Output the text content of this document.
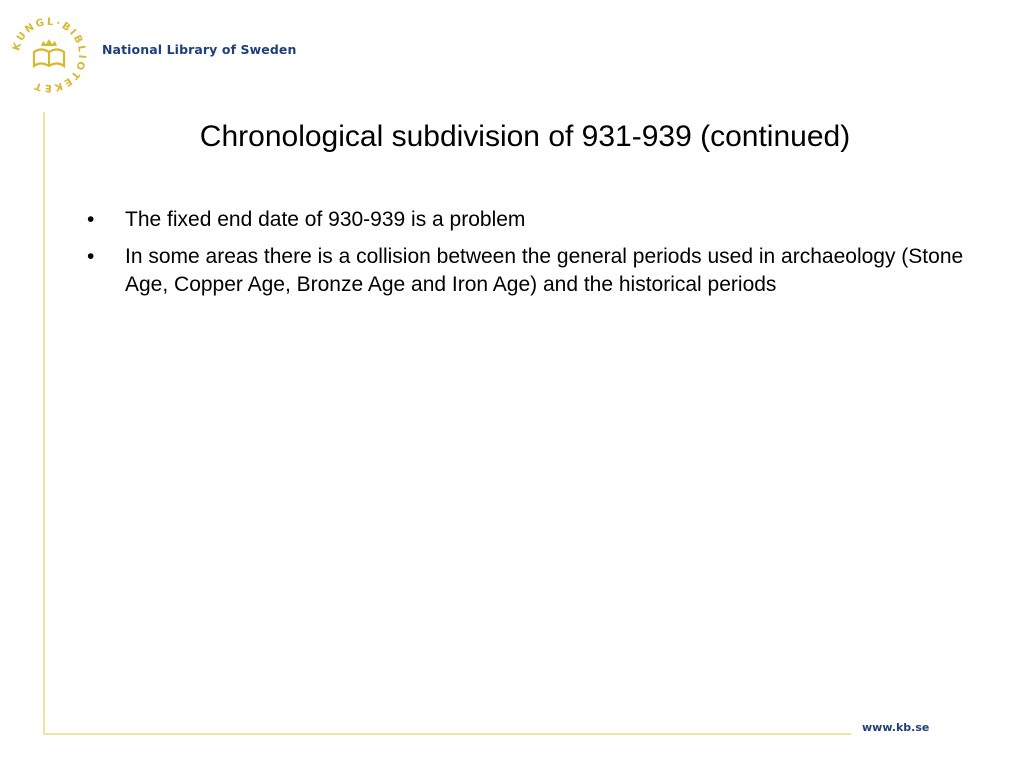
KUNGL·BIBLIOTEKET
National Library of Sweden
Chronological subdivision of 931-939 (continued)
• The fixed end date of 930-939 is a problem
• In some areas there is a collision between the general periods used in archaeology (Stone Age, Copper Age, Bronze Age and Iron Age) and the historical periods
www.kb.se
